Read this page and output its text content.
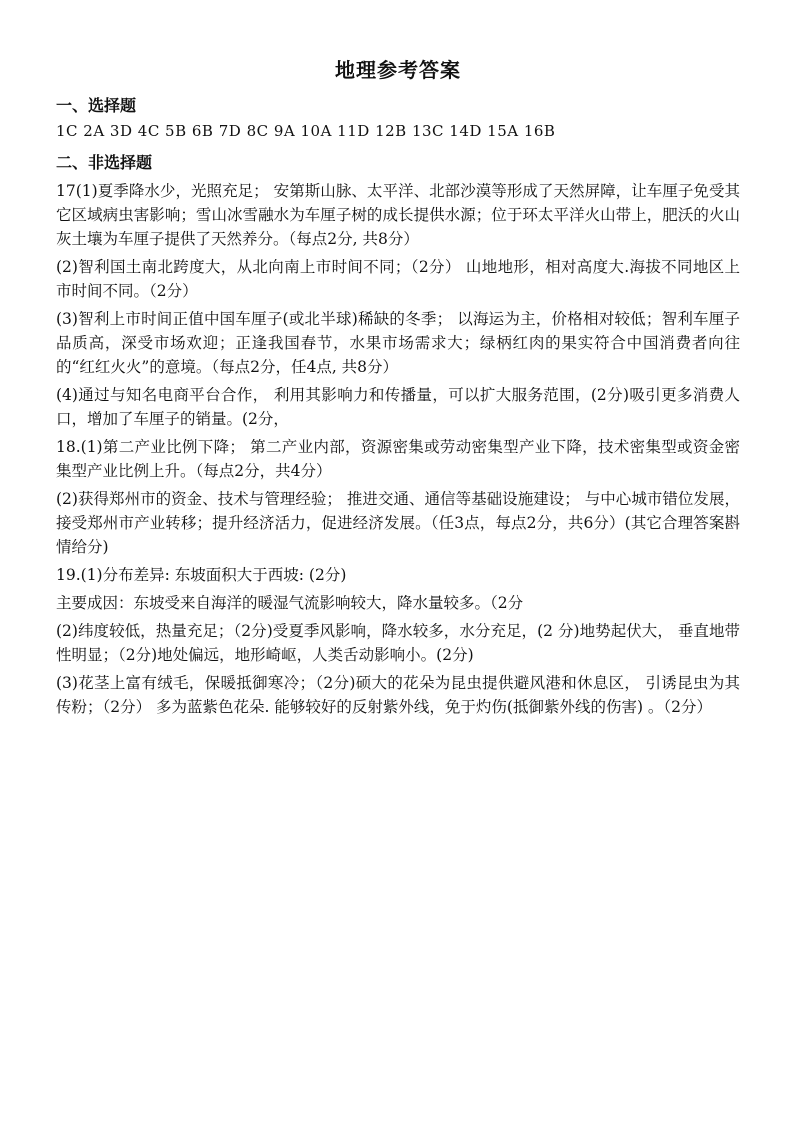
地理参考答案
一、选择题
1C 2A 3D 4C 5B 6B 7D 8C 9A 10A 11D 12B 13C 14D 15A 16B
二、非选择题

17(1)夏季降水少，光照充足； 安第斯山脉、太平洋、北部沙漠等形成了天然屏障，让车厘子免受其它区域病虫害影响；雪山冰雪融水为车厘子树的成长提供水源；位于环太平洋火山带上，肥沃的火山灰土壤为车厘子提供了天然养分。（每点2分, 共8分）

(2)智利国土南北跨度大，从北向南上市时间不同；（2分） 山地地形，相对高度大.海拔不同地区上市时间不同。（2分）

(3)智利上市时间正值中国车厘子(或北半球)稀缺的冬季； 以海运为主，价格相对较低；智利车厘子品质高，深受市场欢迎；正逢我国春节，水果市场需求大；绿柄红肉的果实符合中国消费者向往的“红红火火”的意境。（每点2分，任4点, 共8分）

(4)通过与知名电商平台合作， 利用其影响力和传播量，可以扩大服务范围，(2分)吸引更多消费人口，增加了车厘子的销量。(2分，

18.(1)第二产业比例下降； 第二产业内部，资源密集或劳动密集型产业下降，技术密集型或资金密集型产业比例上升。（每点2分，共4分）

(2)获得郑州市的资金、技术与管理经验； 推进交通、通信等基础设施建设； 与中心城市错位发展，接受郑州市产业转移；提升经济活力，促进经济发展。（任3点，每点2分，共6分）(其它合理答案斟情给分)

19.(1)分布差异: 东坡面积大于西坡: (2分)

主要成因：东坡受来自海洋的暖湿气流影响较大，降水量较多。（2分

(2)纬度较低，热量充足；（2分)受夏季风影响，降水较多，水分充足，(2 分)地势起伏大， 垂直地带性明显；（2分)地处偏远，地形崎岖，人类舌动影响小。(2分)

(3)花茎上富有绒毛，保暖抵御寒冷；（2分)硕大的花朵为昆虫提供避风港和休息区， 引诱昆虫为其传粉；（2分） 多为蓝紫色花朵. 能够较好的反射紫外线，免于灼伤(抵御紫外线的伤害) 。（2分）
